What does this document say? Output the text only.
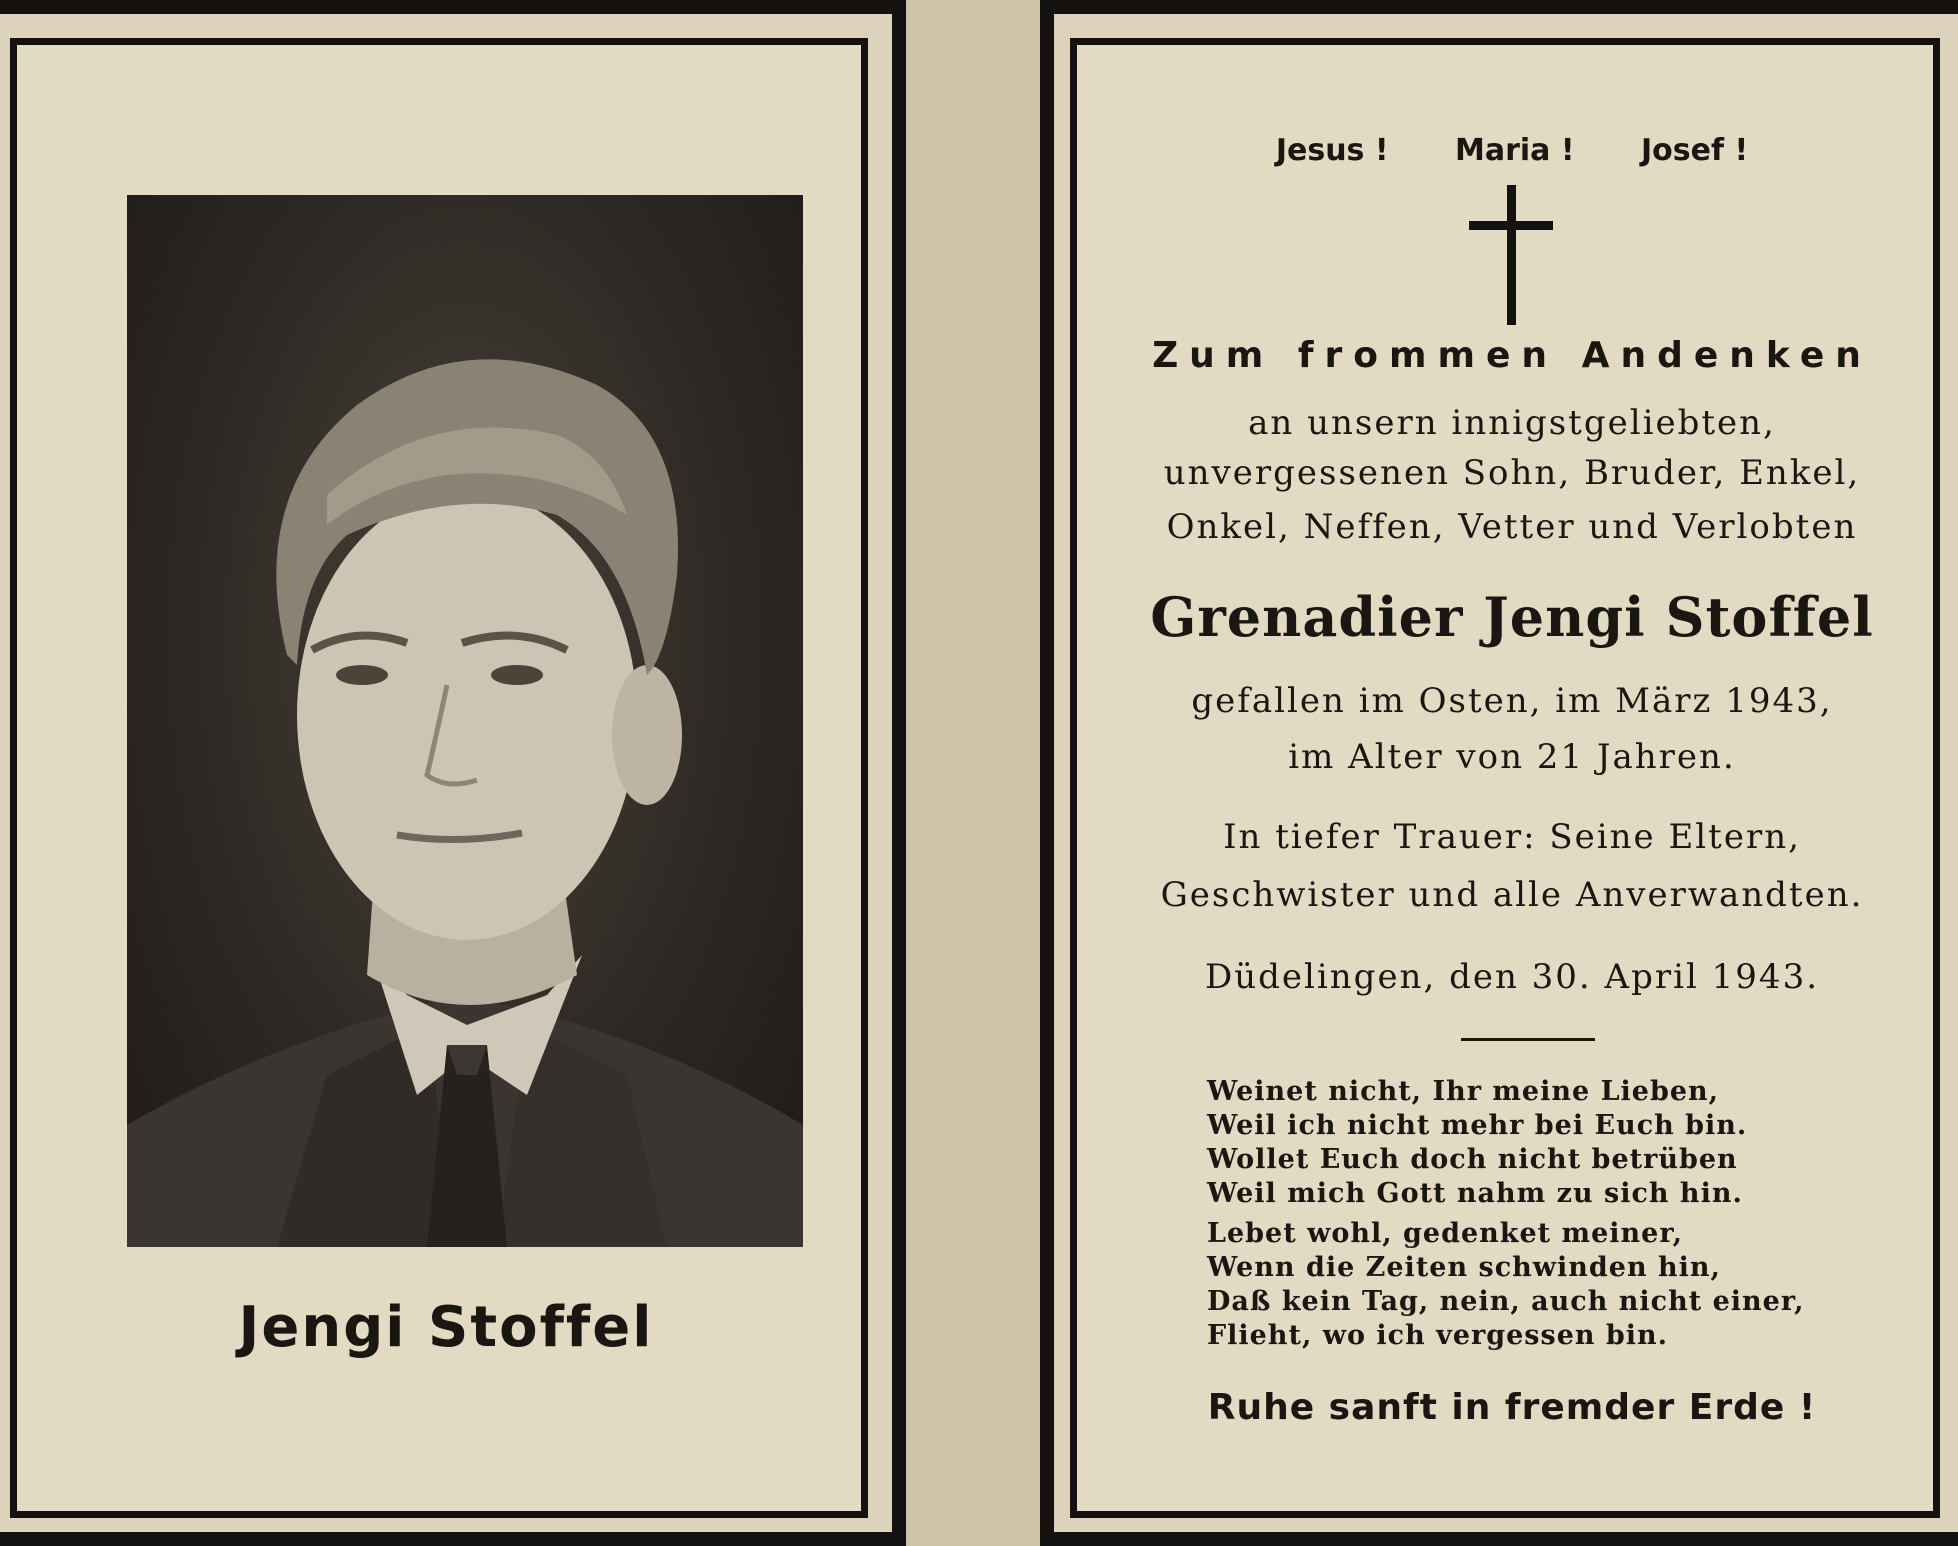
Jengi Stoffel
Jesus ! Maria ! Josef !
Zum frommen Andenken
an unsern innigstgeliebten,
unvergessenen Sohn, Bruder, Enkel,
Onkel, Neffen, Vetter und Verlobten
Grenadier Jengi Stoffel
gefallen im Osten, im März 1943,
im Alter von 21 Jahren.
In tiefer Trauer: Seine Eltern,
Geschwister und alle Anverwandten.
Düdelingen, den 30. April 1943.
Weinet nicht, Ihr meine Lieben,
Weil ich nicht mehr bei Euch bin.
Wollet Euch doch nicht betrüben
Weil mich Gott nahm zu sich hin.
Lebet wohl, gedenket meiner,
Wenn die Zeiten schwinden hin,
Daß kein Tag, nein, auch nicht einer,
Flieht, wo ich vergessen bin.
Ruhe sanft in fremder Erde !
